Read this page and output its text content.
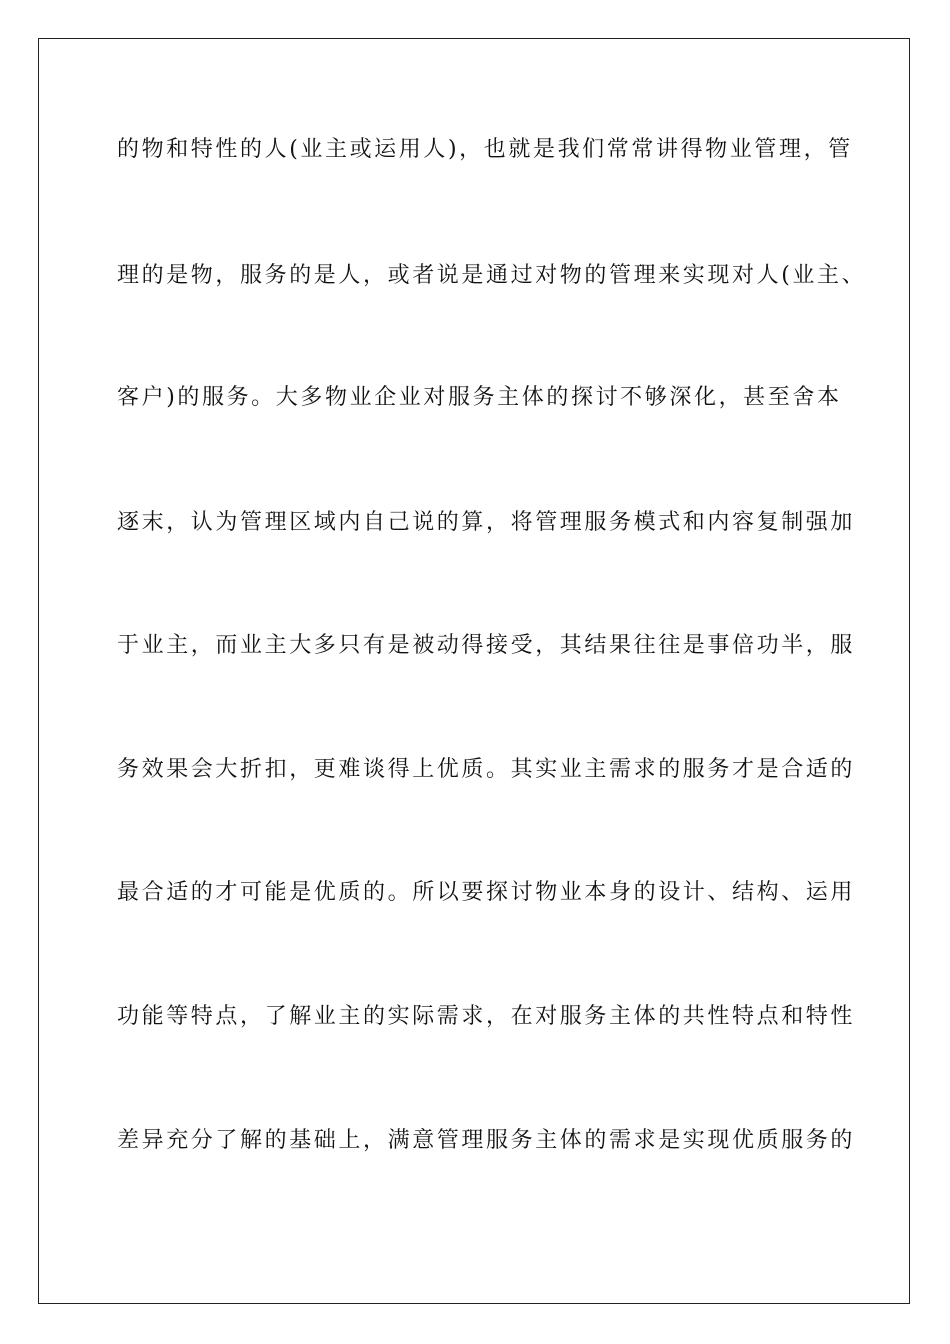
的物和特性的人(业主或运用人)，也就是我们常常讲得物业管理，管
理的是物，服务的是人，或者说是通过对物的管理来实现对人(业主、
客户)的服务。大多物业企业对服务主体的探讨不够深化，甚至舍本
逐末，认为管理区域内自己说的算，将管理服务模式和内容复制强加
于业主，而业主大多只有是被动得接受，其结果往往是事倍功半，服
务效果会大折扣，更难谈得上优质。其实业主需求的服务才是合适的
最合适的才可能是优质的。所以要探讨物业本身的设计、结构、运用
功能等特点，了解业主的实际需求，在对服务主体的共性特点和特性
差异充分了解的基础上，满意管理服务主体的需求是实现优质服务的
